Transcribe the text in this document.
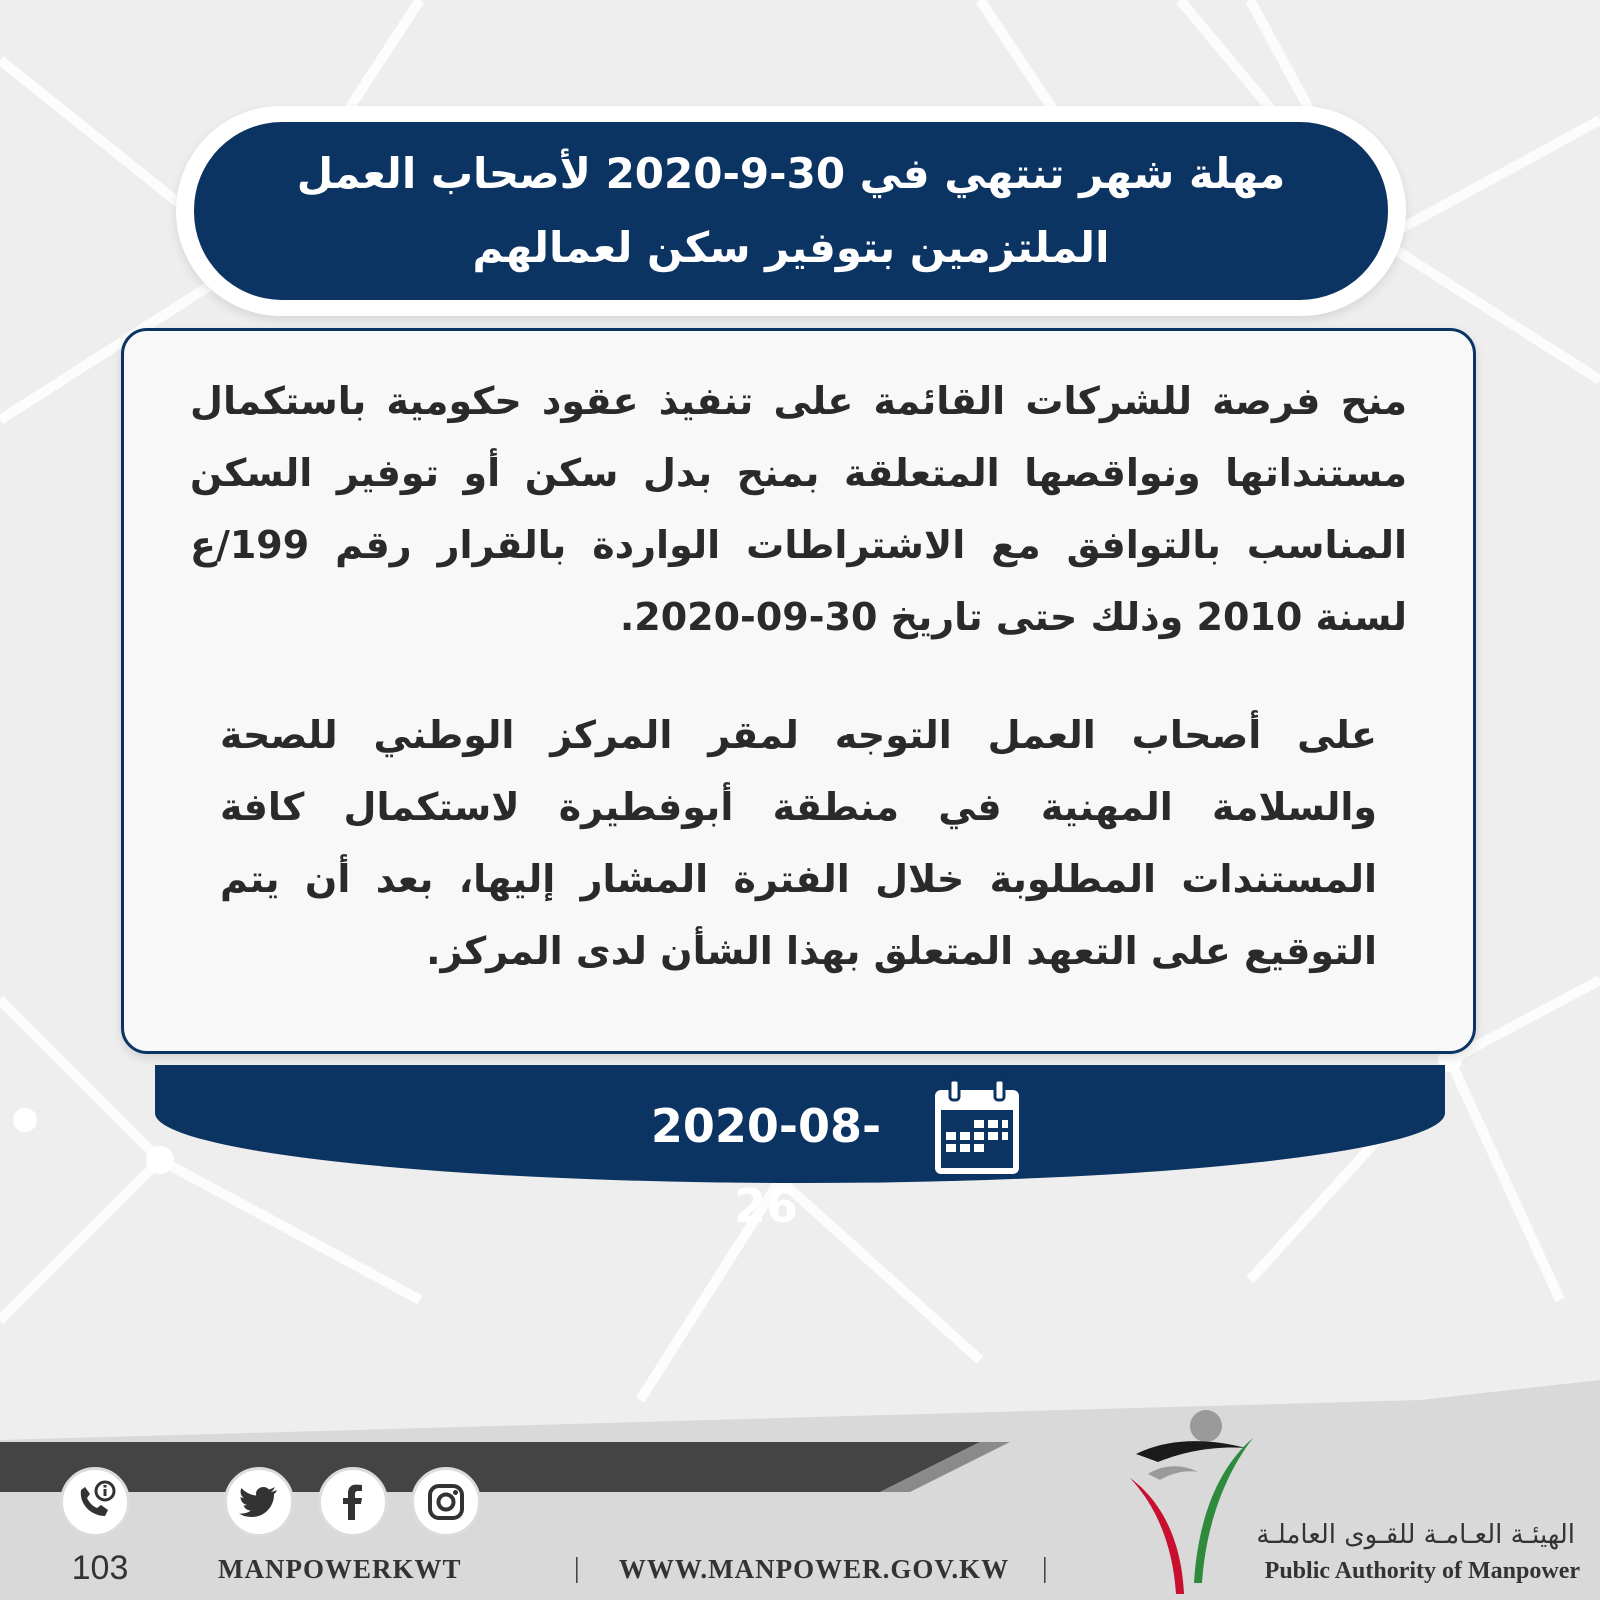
مهلة شهر تنتهي في 30-9-2020 لأصحاب العمل
الملتزمين بتوفير سكن لعمالهم
منح فرصة للشركات القائمة على تنفيذ عقود حكومية باستكمال مستنداتها ونواقصها المتعلقة بمنح بدل سكن أو توفير السكن المناسب بالتوافق مع الاشتراطات الواردة بالقرار رقم 199/ع لسنة 2010 وذلك حتى تاريخ 30-09-2020.
على أصحاب العمل التوجه لمقر المركز الوطني للصحة والسلامة المهنية في منطقة أبوفطيرة لاستكمال كافة المستندات المطلوبة خلال الفترة المشار إليها، بعد أن يتم التوقيع على التعهد المتعلق بهذا الشأن لدى المركز.
2020-08-26
103	MANPOWERKWT	|	WWW.MANPOWER.GOV.KW	|
الهيئـة العـامـة للقـوى العاملـة
Public Authority of Manpower
